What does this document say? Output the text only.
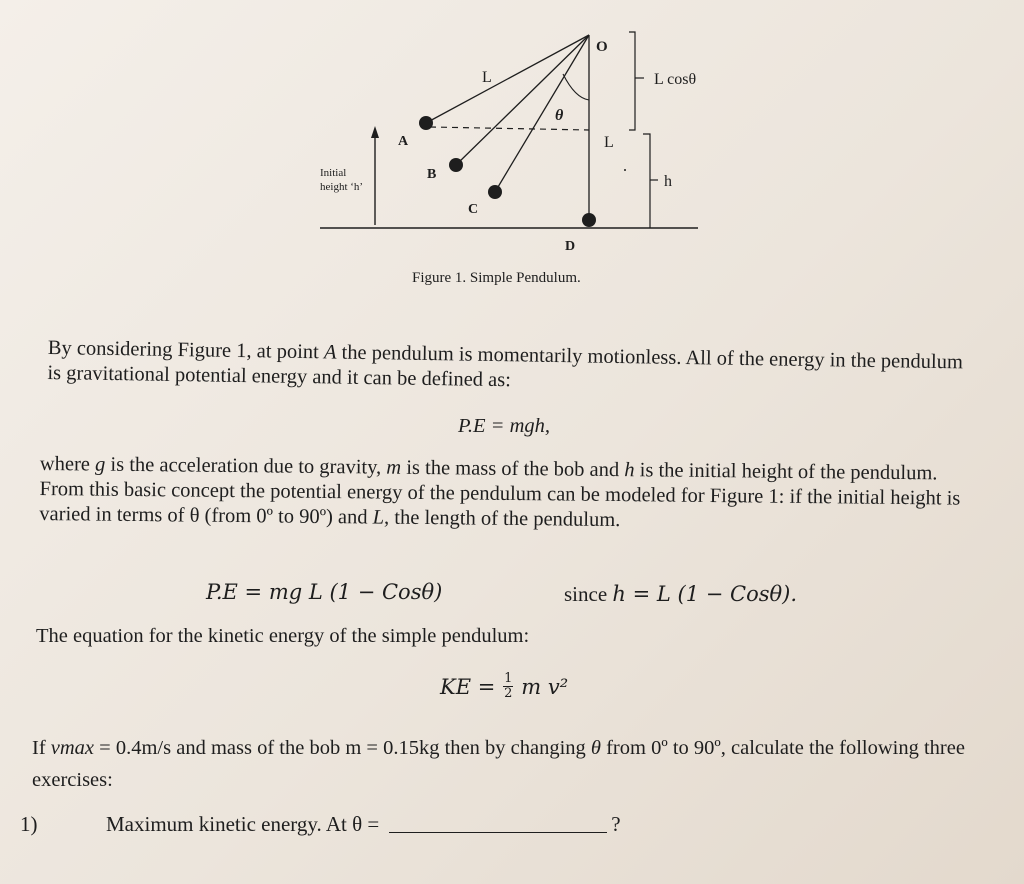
O
L
θ
L
L cosθ
h
A
B
C
D
Initial
height ‘h’
Figure 1. Simple Pendulum.
By considering Figure 1, at point A the pendulum is momentarily motionless. All of the energy in the pendulum is gravitational potential energy and it can be defined as:
P.E = mgh,
where g is the acceleration due to gravity, m is the mass of the bob and h is the initial height of the pendulum. From this basic concept the potential energy of the pendulum can be modeled for Figure 1: if the initial height is varied in terms of θ (from 0º to 90º) and L, the length of the pendulum.
P.E = mg L (1 − Cosθ)	since h = L (1 − Cosθ).
The equation for the kinetic energy of the simple pendulum:
KE = $\frac{1}{2}$ m v²
If vmax = 0.4m/s and mass of the bob m = 0.15kg then by changing θ from 0º to 90º, calculate the following three exercises:
1)	Maximum kinetic energy. At θ =	?
